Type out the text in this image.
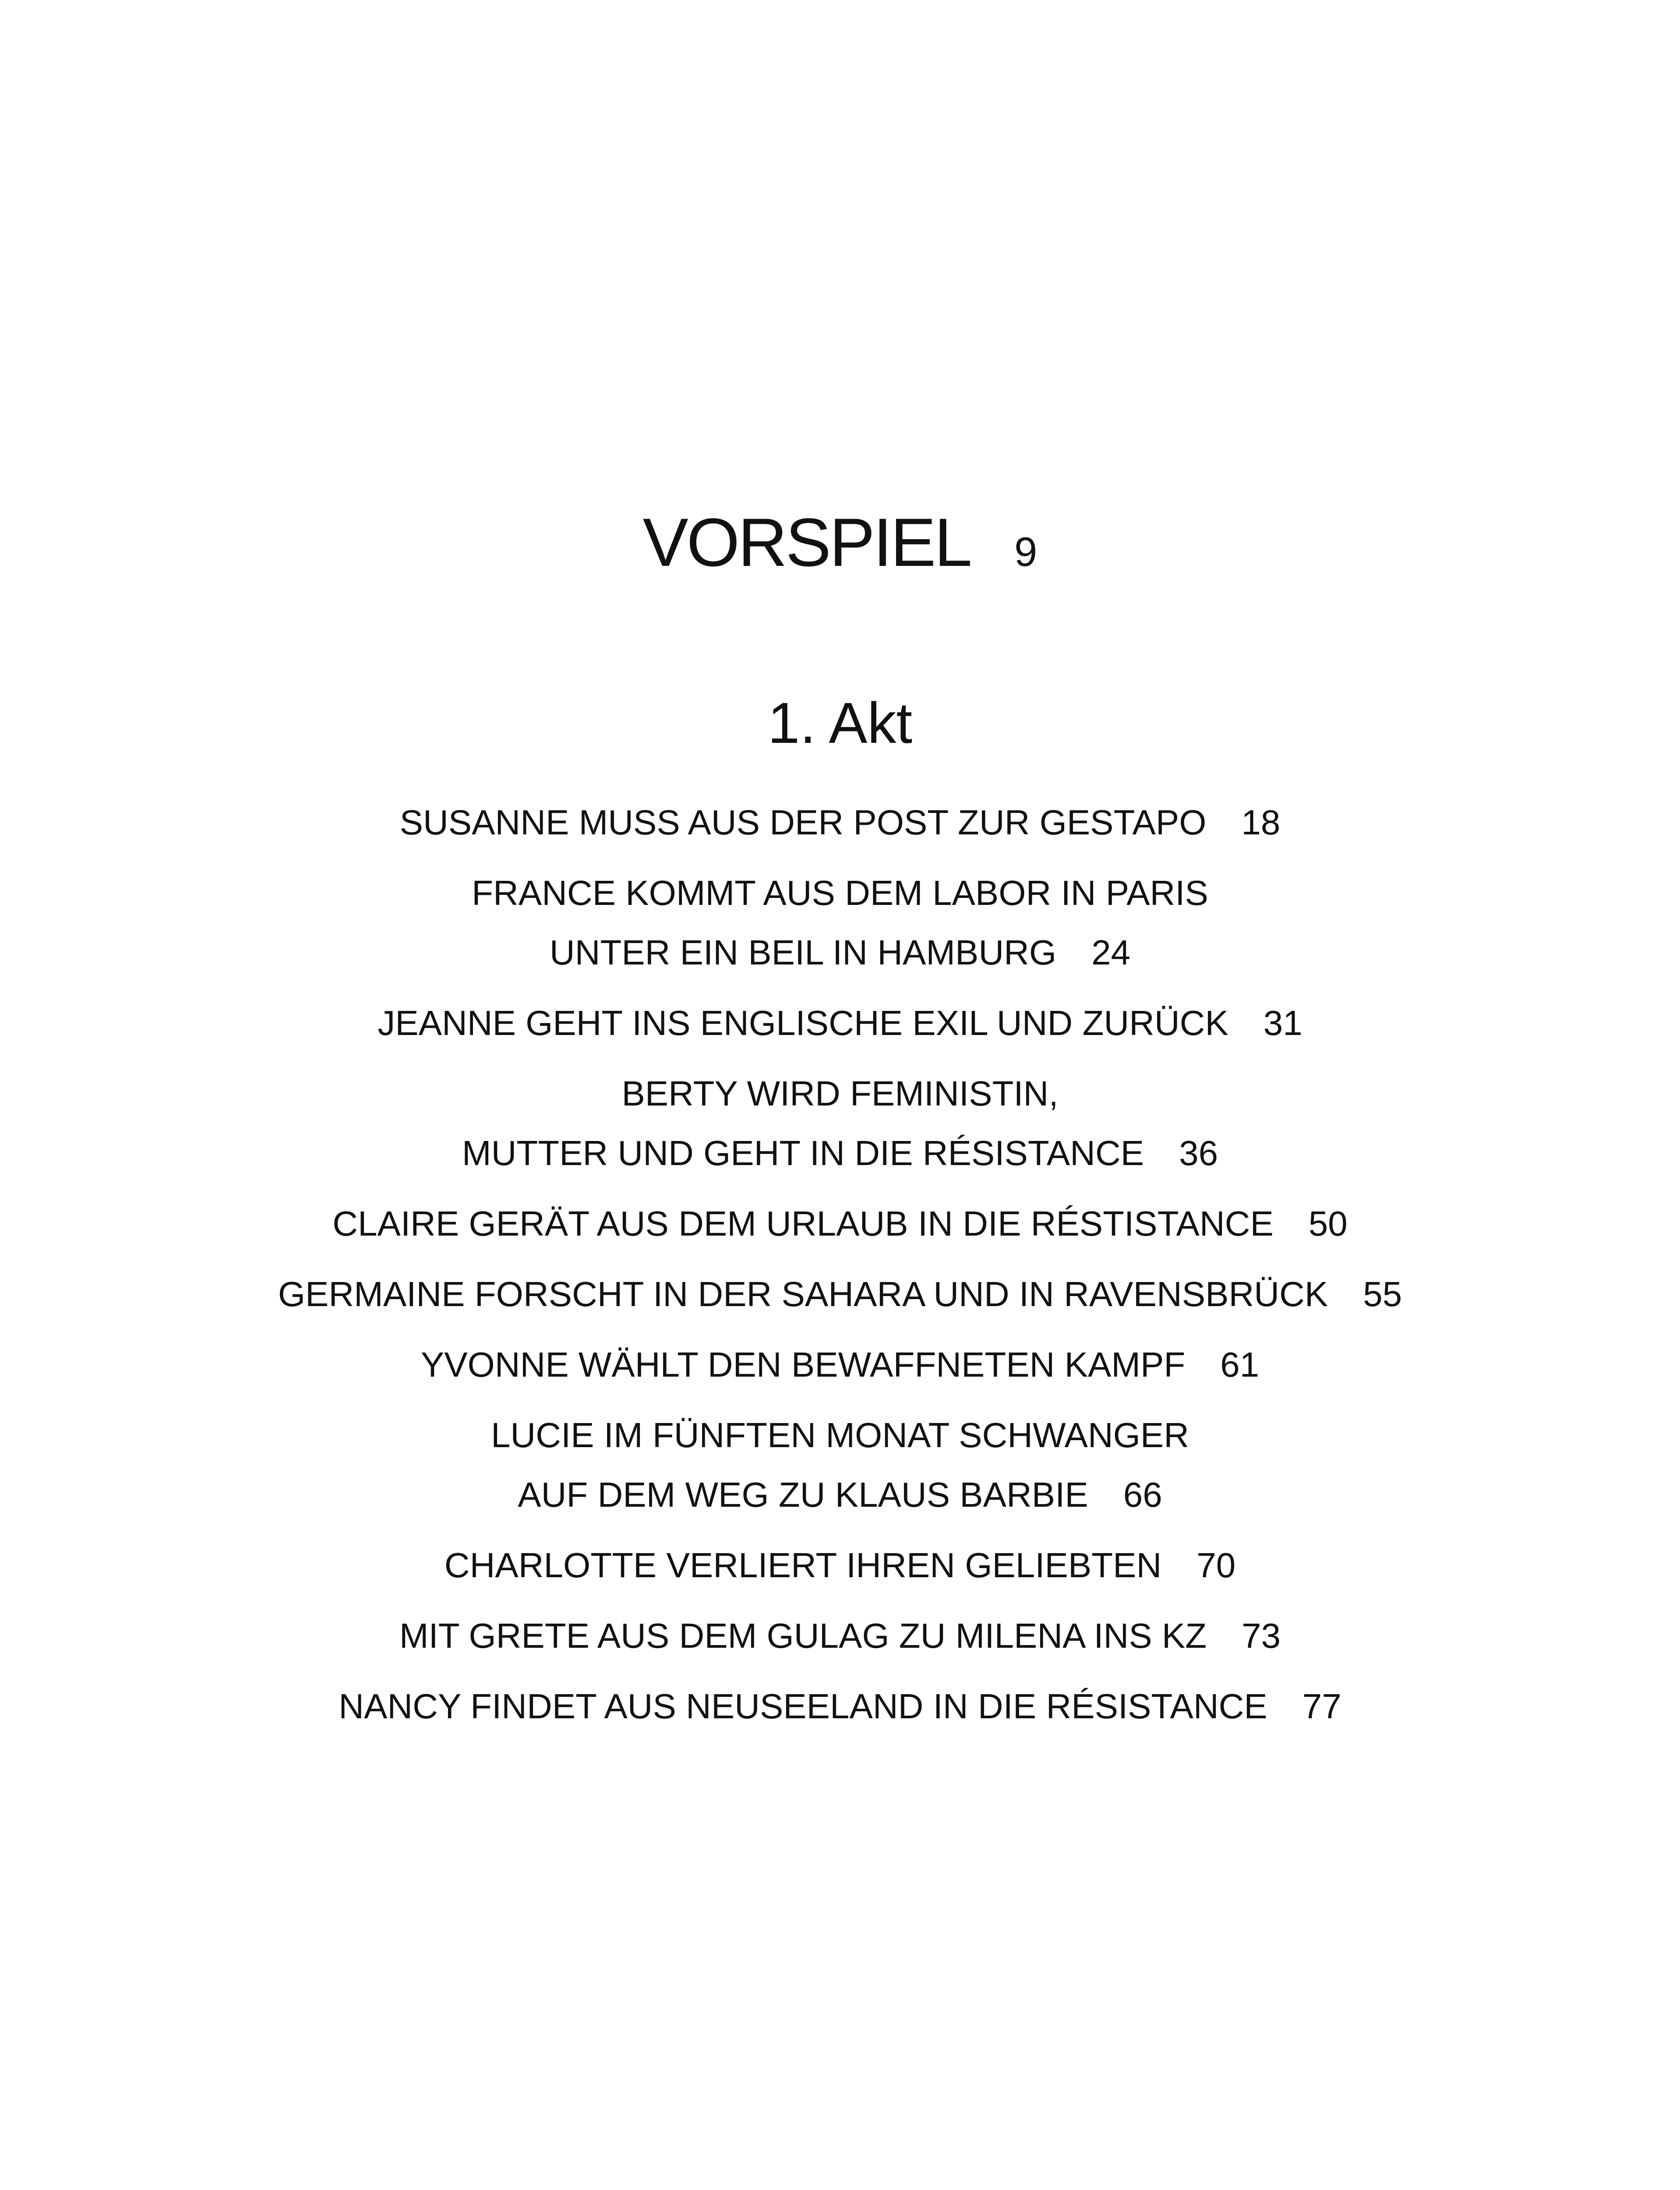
VORSPIEL 9
1. Akt
SUSANNE MUSS AUS DER POST ZUR GESTAPO 18
FRANCE KOMMT AUS DEM LABOR IN PARIS
UNTER EIN BEIL IN HAMBURG 24
JEANNE GEHT INS ENGLISCHE EXIL UND ZURÜCK 31
BERTY WIRD FEMINISTIN,
MUTTER UND GEHT IN DIE RÉSISTANCE 36
CLAIRE GERÄT AUS DEM URLAUB IN DIE RÉSTISTANCE 50
GERMAINE FORSCHT IN DER SAHARA UND IN RAVENSBRÜCK 55
YVONNE WÄHLT DEN BEWAFFNETEN KAMPF 61
LUCIE IM FÜNFTEN MONAT SCHWANGER
AUF DEM WEG ZU KLAUS BARBIE 66
CHARLOTTE VERLIERT IHREN GELIEBTEN 70
MIT GRETE AUS DEM GULAG ZU MILENA INS KZ 73
NANCY FINDET AUS NEUSEELAND IN DIE RÉSISTANCE 77
